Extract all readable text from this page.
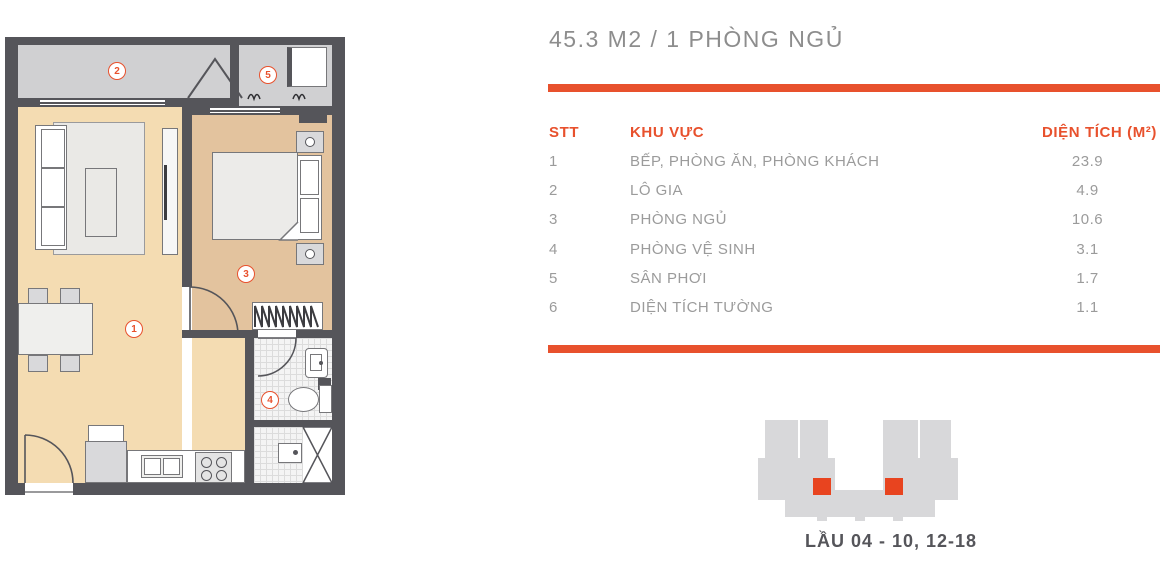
1
2
3
4
5
45.3 M2 / 1 PHÒNG NGỦ
STT	KHU VỰC	DIỆN TÍCH (M²)
1	BẾP, PHÒNG ĂN, PHÒNG KHÁCH	23.9
2	LÔ GIA	4.9
3	PHÒNG NGỦ	10.6
4	PHÒNG VỆ SINH	3.1
5	SÂN PHƠI	1.7
6	DIỆN TÍCH TƯỜNG	1.1
LẦU 04 - 10, 12-18
